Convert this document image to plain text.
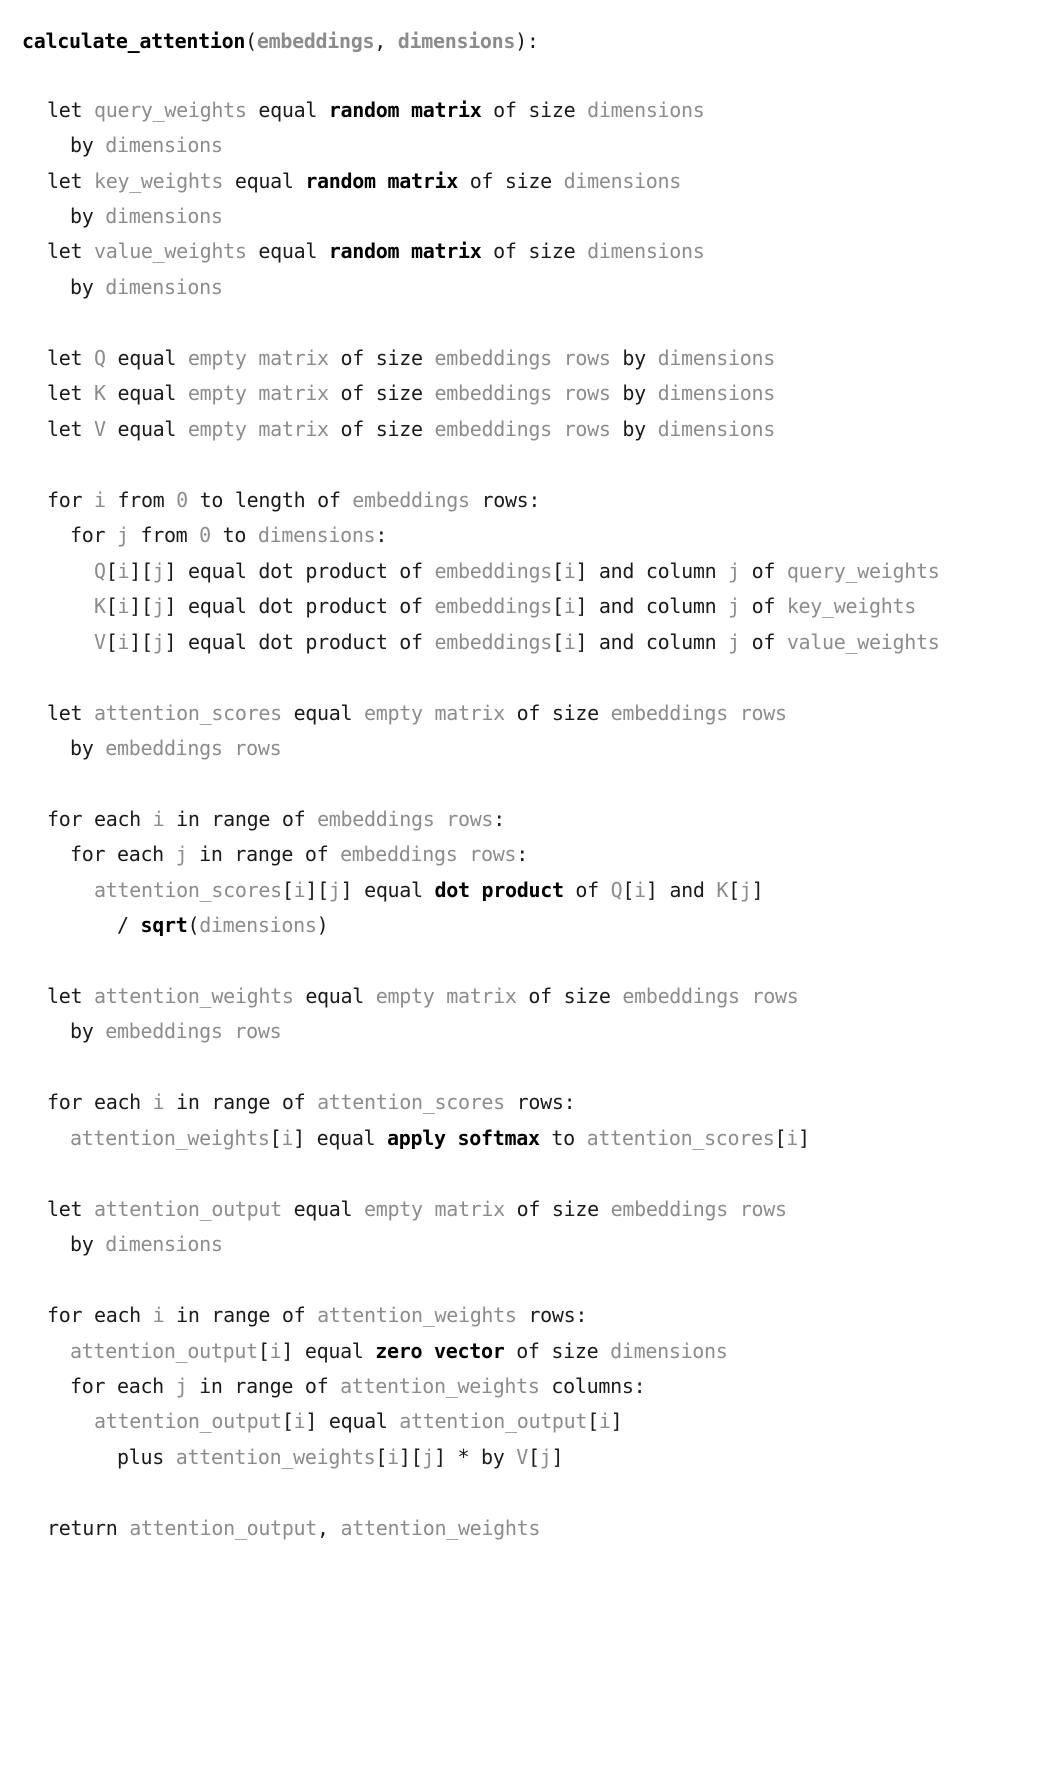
calculate_attention(embeddings, dimensions):
let query_weights equal random matrix of size dimensions
by dimensions
let key_weights equal random matrix of size dimensions
by dimensions
let value_weights equal random matrix of size dimensions
by dimensions
let Q equal empty matrix of size embeddings rows by dimensions
let K equal empty matrix of size embeddings rows by dimensions
let V equal empty matrix of size embeddings rows by dimensions
for i from 0 to length of embeddings rows:
for j from 0 to dimensions:
Q[i][j] equal dot product of embeddings[i] and column j of query_weights
K[i][j] equal dot product of embeddings[i] and column j of key_weights
V[i][j] equal dot product of embeddings[i] and column j of value_weights
let attention_scores equal empty matrix of size embeddings rows
by embeddings rows
for each i in range of embeddings rows:
for each j in range of embeddings rows:
attention_scores[i][j] equal dot product of Q[i] and K[j]
/ sqrt(dimensions)
let attention_weights equal empty matrix of size embeddings rows
by embeddings rows
for each i in range of attention_scores rows:
attention_weights[i] equal apply softmax to attention_scores[i]
let attention_output equal empty matrix of size embeddings rows
by dimensions
for each i in range of attention_weights rows:
attention_output[i] equal zero vector of size dimensions
for each j in range of attention_weights columns:
attention_output[i] equal attention_output[i]
plus attention_weights[i][j] * by V[j]
return attention_output, attention_weights
